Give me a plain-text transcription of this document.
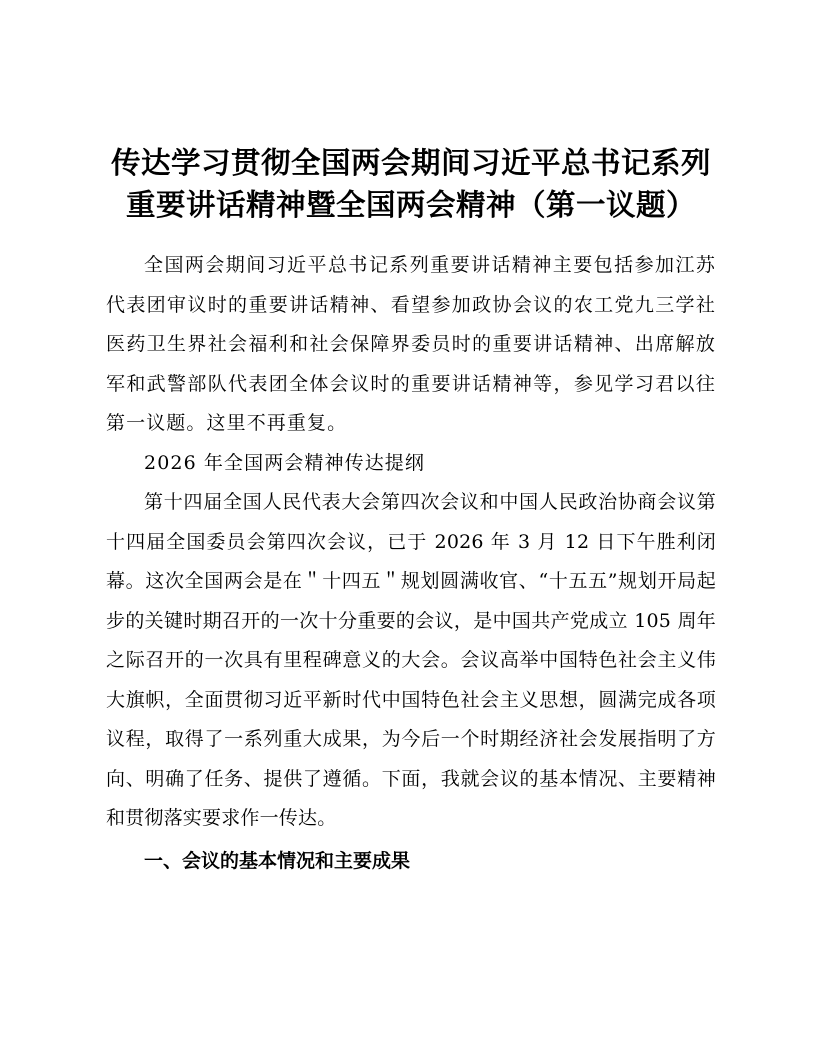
传达学习贯彻全国两会期间习近平总书记系列
重要讲话精神暨全国两会精神（第一议题）

全国两会期间习近平总书记系列重要讲话精神主要包括参加江苏代表团审议时的重要讲话精神、看望参加政协会议的农工党九三学社医药卫生界社会福利和社会保障界委员时的重要讲话精神、出席解放军和武警部队代表团全体会议时的重要讲话精神等，参见学习君以往第一议题。这里不再重复。

2026 年全国两会精神传达提纲

第十四届全国人民代表大会第四次会议和中国人民政治协商会议第十四届全国委员会第四次会议，已于 2026 年 3 月 12 日下午胜利闭幕。这次全国两会是在＂十四五＂规划圆满收官、“十五五”规划开局起步的关键时期召开的一次十分重要的会议，是中国共产党成立 105 周年之际召开的一次具有里程碑意义的大会。会议高举中国特色社会主义伟大旗帜，全面贯彻习近平新时代中国特色社会主义思想，圆满完成各项议程，取得了一系列重大成果，为今后一个时期经济社会发展指明了方向、明确了任务、提供了遵循。下面，我就会议的基本情况、主要精神和贯彻落实要求作一传达。

一、会议的基本情况和主要成果
